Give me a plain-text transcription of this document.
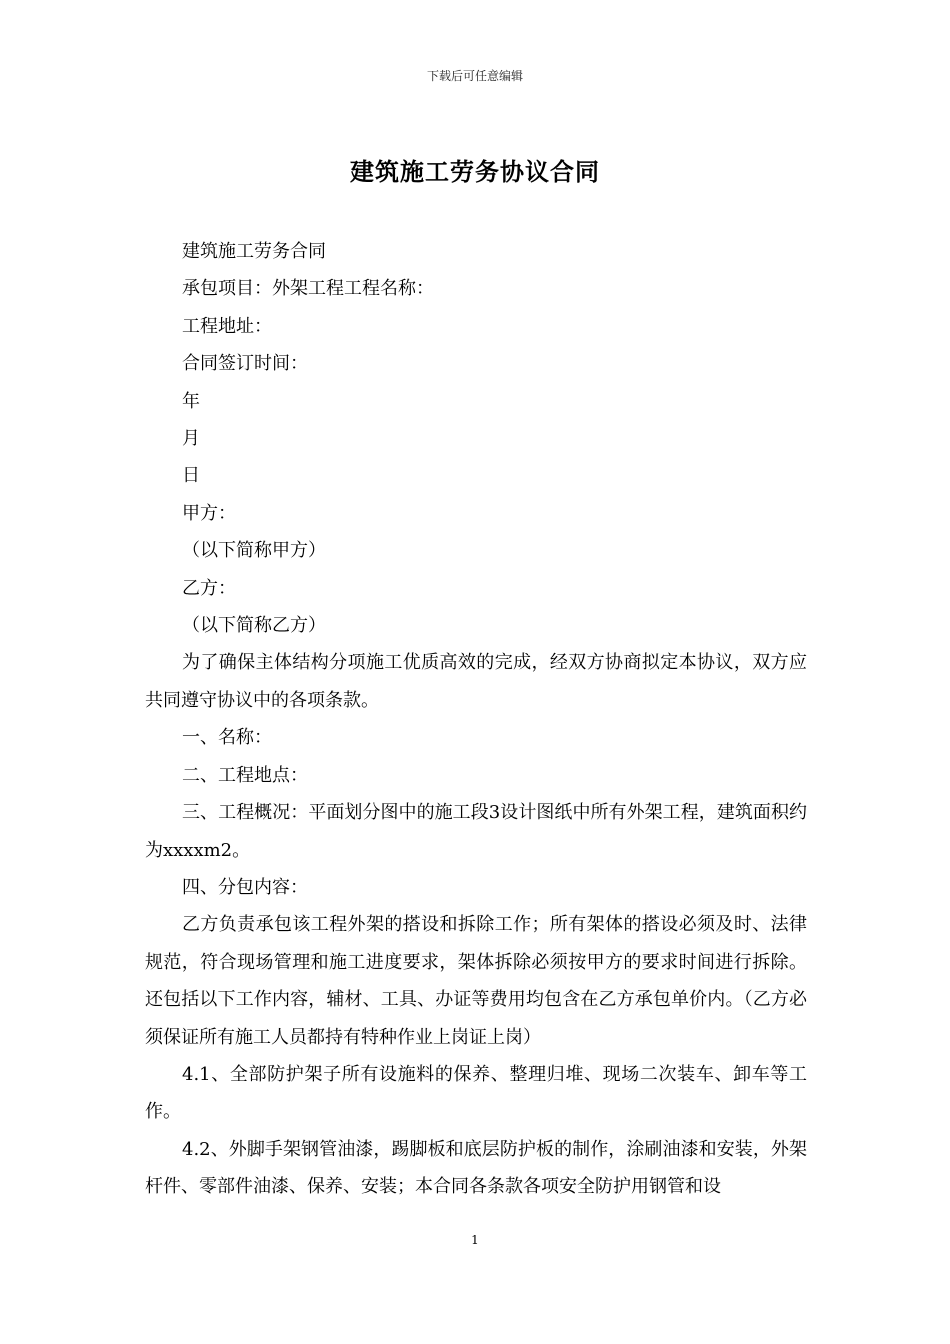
下载后可任意编辑
建筑施工劳务协议合同

建筑施工劳务合同

承包项目：外架工程工程名称：

工程地址：

合同签订时间：

年

月

日

甲方：

（以下简称甲方）

乙方：

（以下简称乙方）

为了确保主体结构分项施工优质高效的完成，经双方协商拟定本协议，双方应共同遵守协议中的各项条款。

一、名称：

二、工程地点：

三、工程概况：平面划分图中的施工段3设计图纸中所有外架工程，建筑面积约为xxxxm2。

四、分包内容：

乙方负责承包该工程外架的搭设和拆除工作；所有架体的搭设必须及时、法律规范，符合现场管理和施工进度要求，架体拆除必须按甲方的要求时间进行拆除。还包括以下工作内容，辅材、工具、办证等费用均包含在乙方承包单价内。（乙方必须保证所有施工人员都持有特种作业上岗证上岗）

4.1、全部防护架子所有设施料的保养、整理归堆、现场二次装车、卸车等工作。

4.2、外脚手架钢管油漆，踢脚板和底层防护板的制作，涂刷油漆和安装，外架杆件、零部件油漆、保养、安装；本合同各条款各项安全防护用钢管和设

1
